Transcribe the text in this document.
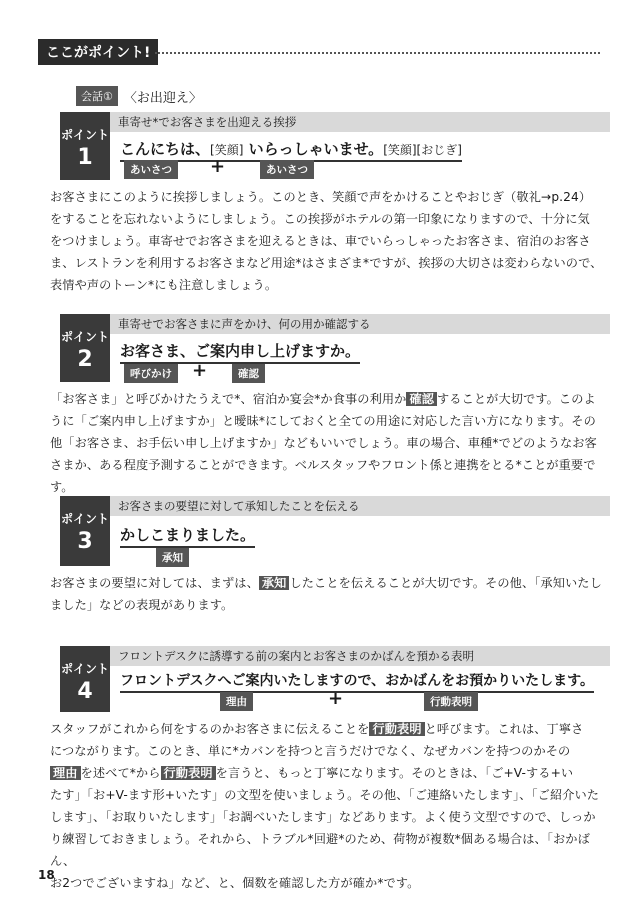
ここがポイント!
会話① 〈お出迎え〉
ポイント
1
車寄せ*でお客さまを出迎える挨拶
こんにちは、[笑顔] いらっしゃいませ。[笑顔][おじぎ]
あいさつ	+	あいさつ
お客さまにこのように挨拶しましょう。このとき、笑顔で声をかけることやおじぎ（敬礼→p.24）
をすることを忘れないようにしましょう。この挨拶がホテルの第一印象になりますので、十分に気
をつけましょう。車寄せでお客さまを迎えるときは、車でいらっしゃったお客さま、宿泊のお客さ
ま、レストランを利用するお客さまなど用途*はさまざま*ですが、挨拶の大切さは変わらないので、
表情や声のトーン*にも注意しましょう。
ポイント
2
車寄せでお客さまに声をかけ、何の用か確認する
お客さま、ご案内申し上げますか。
呼びかけ	+	確認
「お客さま」と呼びかけたうえで*、宿泊か宴会*か食事の利用か 確認 することが大切です。このよ
うに「ご案内申し上げますか」と曖昧*にしておくと全ての用途に対応した言い方になります。その
他「お客さま、お手伝い申し上げますか」などもいいでしょう。車の場合、車種*でどのようなお客
さまか、ある程度予測することができます。ベルスタッフやフロント係と連携をとる*ことが重要です。
ポイント
3
お客さまの要望に対して承知したことを伝える
かしこまりました。
承知
お客さまの要望に対しては、まずは、 承知 したことを伝えることが大切です。その他、「承知いたし
ました」などの表現があります。
ポイント
4
フロントデスクに誘導する前の案内とお客さまのかばんを預かる表明
フロントデスクへご案内いたしますので、おかばんをお預かりいたします。
理由	+	行動表明
スタッフがこれから何をするのかお客さまに伝えることを 行動表明 と呼びます。これは、丁寧さ
につながります。このとき、単に*カバンを持つと言うだけでなく、なぜカバンを持つのかその
理由 を述べて*から 行動表明 を言うと、もっと丁寧になります。そのときは、「ご+V-する+い
たす」「お+V-ます形+いたす」の文型を使いましょう。その他、「ご連絡いたします」、「ご紹介いた
します」、「お取りいたします」「お調べいたします」などあります。よく使う文型ですので、しっか
り練習しておきましょう。それから、トラブル*回避*のため、荷物が複数*個ある場合は、「おかばん、
お2つでございますね」など、と、個数を確認した方が確か*です。
18
